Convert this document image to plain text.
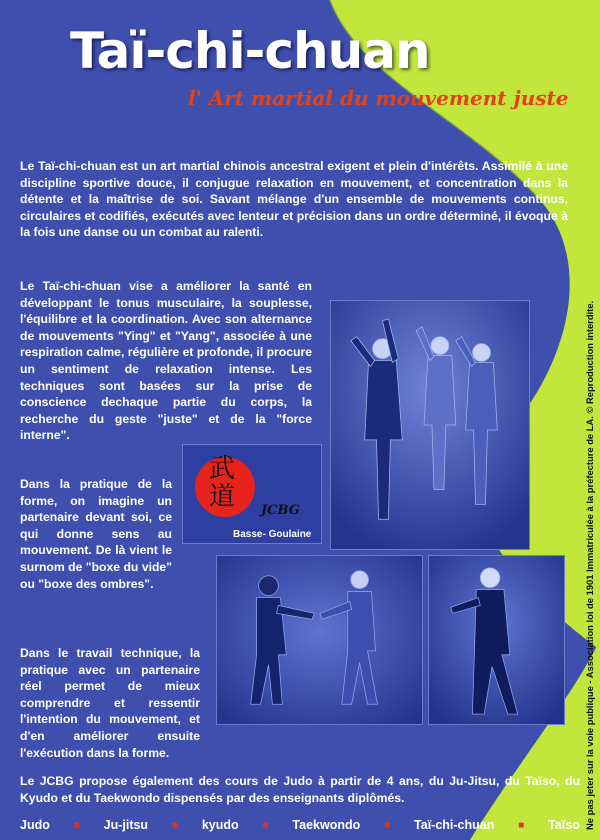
Taï-chi-chuan
l' Art martial du mouvement juste
Le Taï-chi-chuan est un art martial chinois ancestral exigent et plein d'intérêts. Assimilé à une discipline sportive douce, il conjugue relaxation en mouvement, et concentration dans la détente et la maîtrise de soi. Savant mélange d'un ensemble de mouvements continus, circulaires et codifiés, exécutés avec lenteur et précision dans un ordre déterminé, il évoque à la fois une danse ou un combat au ralenti.
Le Taï-chi-chuan vise a améliorer la santé en développant le tonus musculaire, la souplesse, l'équilibre et la coordination. Avec son alternance de mouvements "Ying" et "Yang", associée à une respiration calme, régulière et profonde, il procure un sentiment de relaxation intense. Les techniques sont basées sur la prise de conscience dechaque partie du corps, la recherche du geste "juste" et de la "force interne".
Dans la pratique de la forme, on imagine un partenaire devant soi, ce qui donne sens au mouvement. De là vient le surnom de "boxe du vide" ou "boxe des ombres".
Dans le travail technique, la pratique avec un partenaire réel permet de mieux comprendre et ressentir l'intention du mouvement, et d'en améliorer ensuite l'exécution dans la forme.
武
道 JCBG
Basse- Goulaine
Le JCBG propose également des cours de Judo à partir de 4 ans, du Ju-Jitsu, du Taïso, du Kyudo et du Taekwondo dispensés par des enseignants diplômés.
Judo ■ Ju-jitsu ■ kyudo ■ Taekwondo ■ Taï-chi-chuan ■ Taïso Ne pas jeter sur la voie publique - Association loi de 1901 Immatriculée à la préfecture de LA. © Reproduction interdite.
